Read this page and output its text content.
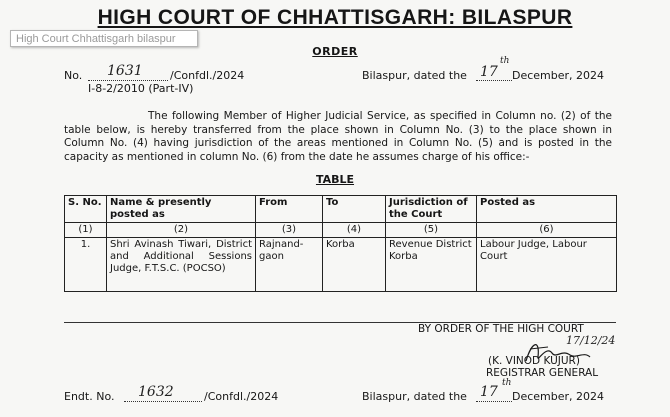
HIGH COURT OF CHHATTISGARH: BILASPUR
High Court Chhattisgarh bilaspur
ORDER
No. 1631 /Confdl./2024
I-8-2/2010 (Part-IV)
Bilaspur, dated the 17
th
December, 2024
The following Member of Higher Judicial Service, as specified in Column no. (2) of the table below, is hereby transferred from the place shown in Column No. (3) to the place shown in Column No. (4) having jurisdiction of the areas mentioned in Column No. (5) and is posted in the capacity as mentioned in column No. (6) from the date he assumes charge of his office:-
TABLE
S. No.	Name & presently posted as	From	To	Jurisdiction of the Court	Posted as
(1)	(2)	(3)	(4)	(5)	(6)
1.	Shri Avinash Tiwari, District and Additional Sessions Judge, F.T.S.C. (POCSO)	Rajnand-gaon	Korba	Revenue District Korba	Labour Judge, Labour Court
BY ORDER OF THE HIGH COURT
17/12/24
(K. VINOD KUJUR)
REGISTRAR GENERAL
Endt. No. 1632	/Confdl./2024	Bilaspur, dated the 17
th
December, 2024
